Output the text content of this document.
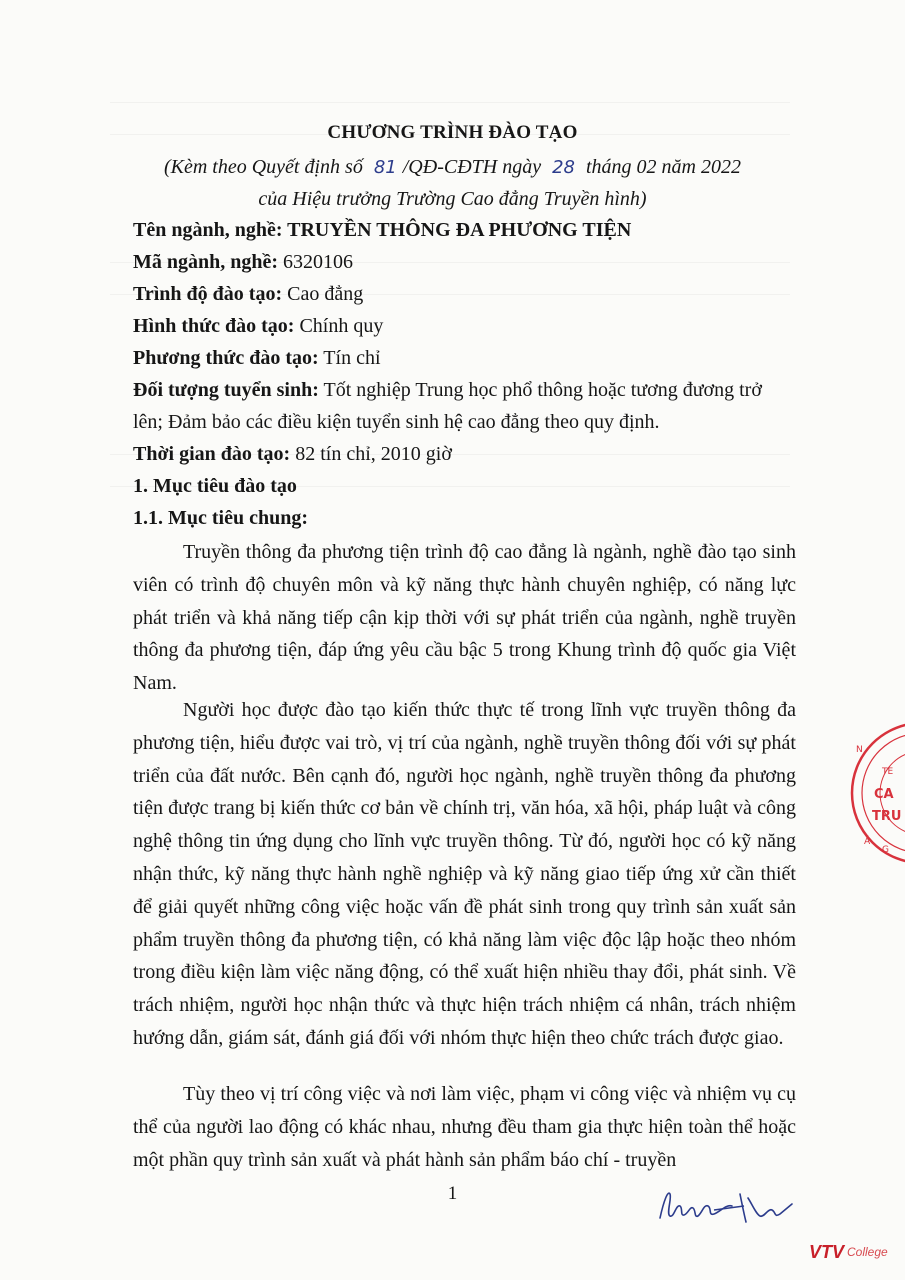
CHƯƠNG TRÌNH ĐÀO TẠO
(Kèm theo Quyết định số 81 /QĐ-CĐTH ngày 28 tháng 02 năm 2022
của Hiệu trưởng Trường Cao đẳng Truyền hình)
Tên ngành, nghề: TRUYỀN THÔNG ĐA PHƯƠNG TIỆN
Mã ngành, nghề: 6320106
Trình độ đào tạo: Cao đẳng
Hình thức đào tạo: Chính quy
Phương thức đào tạo: Tín chỉ
Đối tượng tuyển sinh: Tốt nghiệp Trung học phổ thông hoặc tương đương trở
lên; Đảm bảo các điều kiện tuyển sinh hệ cao đẳng theo quy định.
Thời gian đào tạo: 82 tín chỉ, 2010 giờ
1. Mục tiêu đào tạo
1.1. Mục tiêu chung:

Truyền thông đa phương tiện trình độ cao đẳng là ngành, nghề đào tạo sinh viên có trình độ chuyên môn và kỹ năng thực hành chuyên nghiệp, có năng lực phát triển và khả năng tiếp cận kịp thời với sự phát triển của ngành, nghề truyền thông đa phương tiện, đáp ứng yêu cầu bậc 5 trong Khung trình độ quốc gia Việt Nam.

Người học được đào tạo kiến thức thực tế trong lĩnh vực truyền thông đa phương tiện, hiểu được vai trò, vị trí của ngành, nghề truyền thông đối với sự phát triển của đất nước. Bên cạnh đó, người học ngành, nghề truyền thông đa phương tiện được trang bị kiến thức cơ bản về chính trị, văn hóa, xã hội, pháp luật và công nghệ thông tin ứng dụng cho lĩnh vực truyền thông. Từ đó, người học có kỹ năng nhận thức, kỹ năng thực hành nghề nghiệp và kỹ năng giao tiếp ứng xử cần thiết để giải quyết những công việc hoặc vấn đề phát sinh trong quy trình sản xuất sản phẩm truyền thông đa phương tiện, có khả năng làm việc độc lập hoặc theo nhóm trong điều kiện làm việc năng động, có thể xuất hiện nhiều thay đổi, phát sinh. Về trách nhiệm, người học nhận thức và thực hiện trách nhiệm cá nhân, trách nhiệm hướng dẫn, giám sát, đánh giá đối với nhóm thực hiện theo chức trách được giao.

Tùy theo vị trí công việc và nơi làm việc, phạm vi công việc và nhiệm vụ cụ thể của người lao động có khác nhau, nhưng đều tham gia thực hiện toàn thể hoặc một phần quy trình sản xuất và phát hành sản phẩm báo chí - truyền

1
N
TE
CA
TRU
Ă
G
VTV College
